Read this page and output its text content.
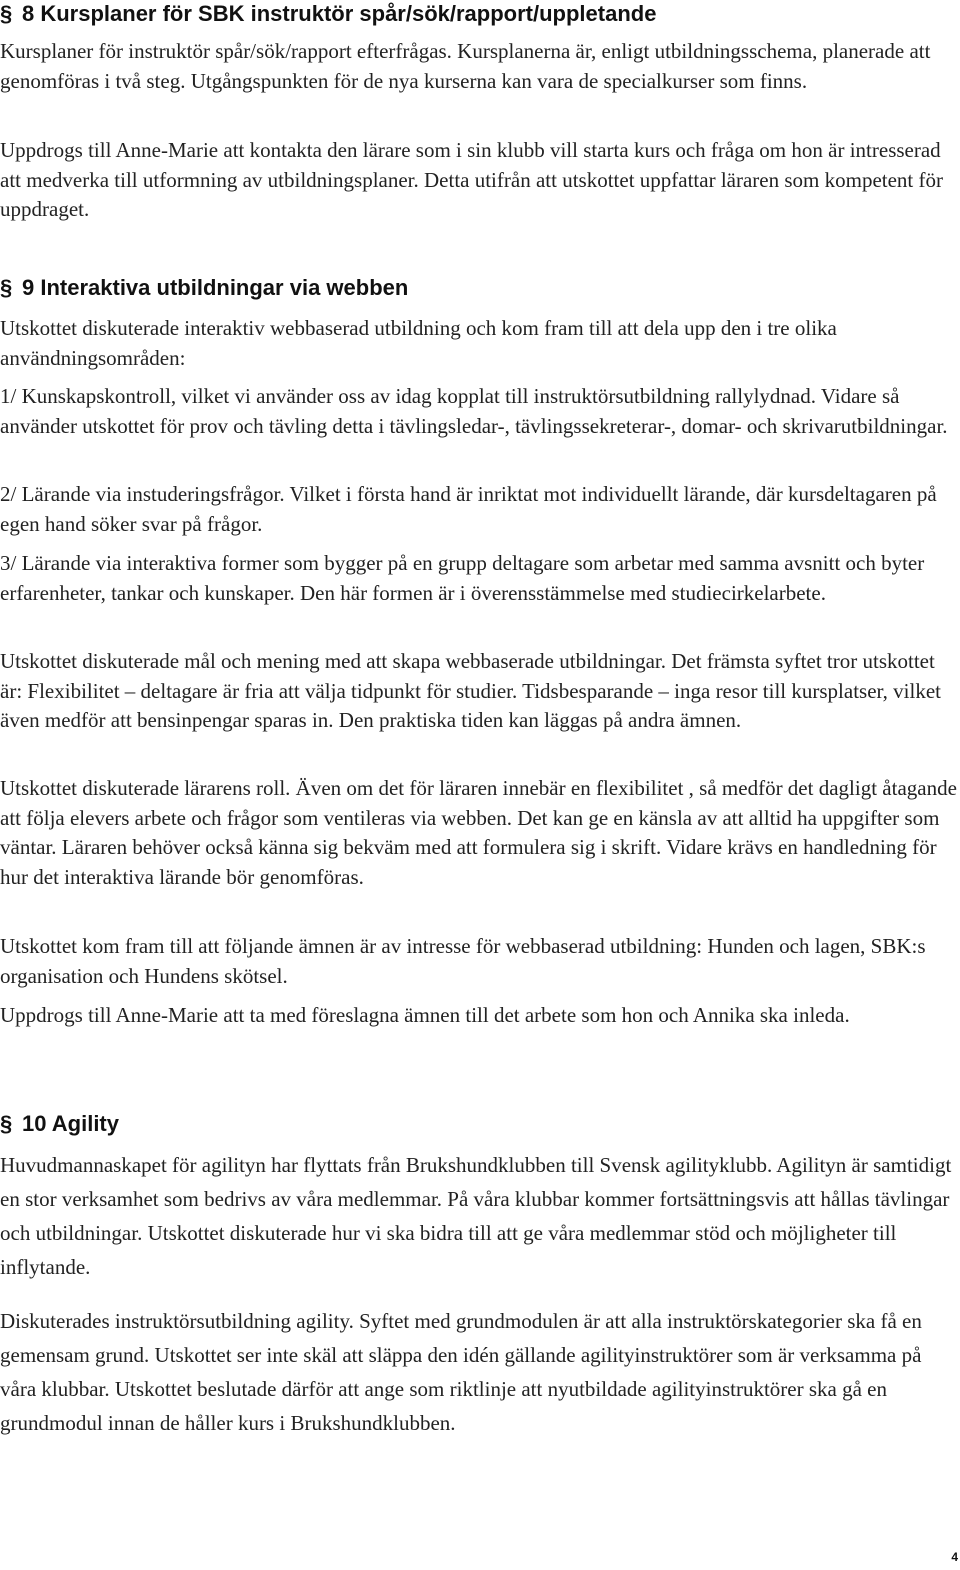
§ 8 Kursplaner för SBK instruktör spår/sök/rapport/uppletande
Kursplaner för instruktör spår/sök/rapport efterfrågas. Kursplanerna är, enligt utbildningsschema, planerade att genomföras i två steg. Utgångspunkten för de nya kurserna kan vara de specialkurser som finns.
Uppdrogs till Anne-Marie att kontakta den lärare som i sin klubb vill starta kurs och fråga om hon är intresserad att medverka till utformning av utbildningsplaner. Detta utifrån att utskottet uppfattar läraren som kompetent för uppdraget.
§ 9 Interaktiva utbildningar via webben
Utskottet diskuterade interaktiv webbaserad utbildning och kom fram till att dela upp den i tre olika användningsområden:
1/ Kunskapskontroll, vilket vi använder oss av idag kopplat till instruktörsutbildning rallylydnad. Vidare så använder utskottet för prov och tävling detta i tävlingsledar-, tävlingssekreterar-, domar- och skrivarutbildningar.
2/ Lärande via instuderingsfrågor. Vilket i första hand är inriktat mot individuellt lärande, där kursdeltagaren på egen hand söker svar på frågor.
3/ Lärande via interaktiva former som bygger på en grupp deltagare som arbetar med samma avsnitt och byter erfarenheter, tankar och kunskaper. Den här formen är i överensstämmelse med studiecirkelarbete.
Utskottet diskuterade mål och mening med att skapa webbaserade utbildningar. Det främsta syftet tror utskottet är: Flexibilitet – deltagare är fria att välja tidpunkt för studier. Tidsbesparande – inga resor till kursplatser, vilket även medför att bensinpengar sparas in. Den praktiska tiden kan läggas på andra ämnen.
Utskottet diskuterade lärarens roll. Även om det för läraren innebär en flexibilitet , så medför det dagligt åtagande att följa elevers arbete och frågor som ventileras via webben. Det kan ge en känsla av att alltid ha uppgifter som väntar. Läraren behöver också känna sig bekväm med att formulera sig i skrift. Vidare krävs en handledning för hur det interaktiva lärande bör genomföras.
Utskottet kom fram till att följande ämnen är av intresse för webbaserad utbildning: Hunden och lagen, SBK:s organisation och Hundens skötsel.
Uppdrogs till Anne-Marie att ta med föreslagna ämnen till det arbete som hon och Annika ska inleda.
§ 10 Agility
Huvudmannaskapet för agilityn har flyttats från Brukshundklubben till Svensk agilityklubb. Agilityn är samtidigt en stor verksamhet som bedrivs av våra medlemmar. På våra klubbar kommer fortsättningsvis att hållas tävlingar och utbildningar. Utskottet diskuterade hur vi ska bidra till att ge våra medlemmar stöd och möjligheter till inflytande.
Diskuterades instruktörsutbildning agility. Syftet med grundmodulen är att alla instruktörskategorier ska få en gemensam grund. Utskottet ser inte skäl att släppa den idén gällande agilityinstruktörer som är verksamma på våra klubbar. Utskottet beslutade därför att ange som riktlinje att nyutbildade agilityinstruktörer ska gå en grundmodul innan de håller kurs i Brukshundklubben.
4
